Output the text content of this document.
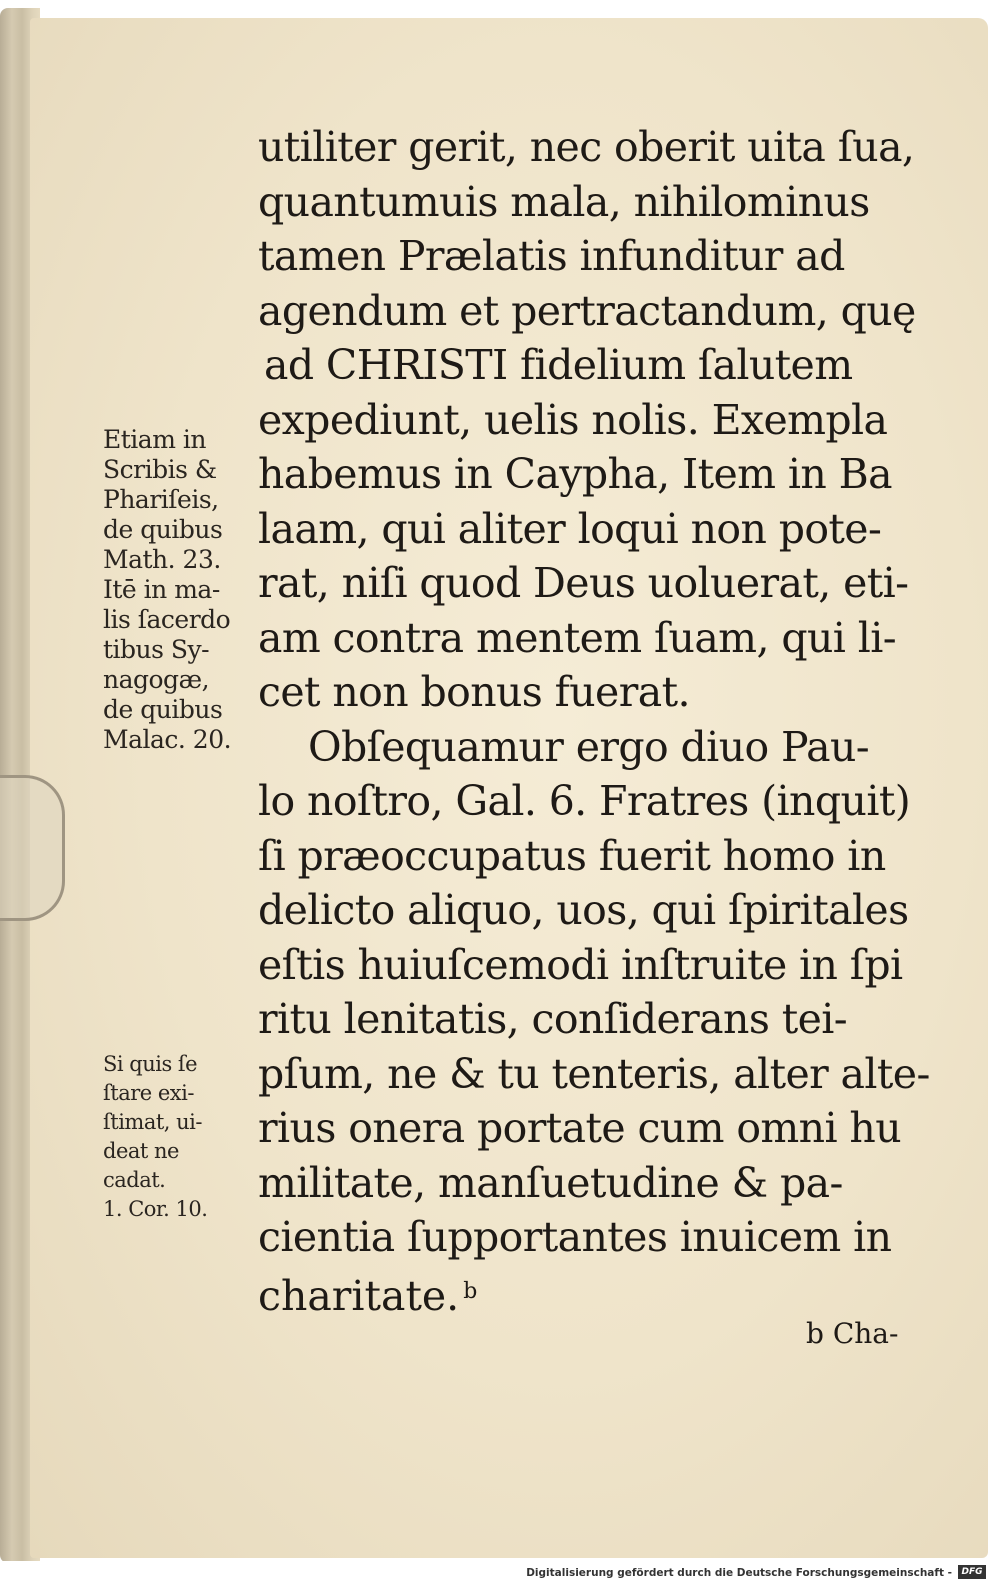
utiliter gerit, nec oberit uita ſua,
quantumuis mala, nihilominus
tamen Prælatis infunditur ad
agendum et pertractandum, quę
ad CHRISTI fidelium ſalutem
expediunt, uelis nolis. Exempla
habemus in Caypha, Item in Ba
laam, qui aliter loqui non pote-
rat, niſi quod Deus uoluerat, eti-
am contra mentem ſuam, qui li-
cet non bonus fuerat.
Obſequamur ergo diuo Pau-
lo noſtro, Gal. 6. Fratres (inquit)
ſi præoccupatus fuerit homo in
delicto aliquo, uos, qui ſpiritales
eſtis huiuſcemodi inſtruite in ſpi
ritu lenitatis, conſiderans tei-
pſum, ne & tu tenteris, alter alte-
rius onera portate cum omni hu
militate, manſuetudine & pa-
cientia ſupportantes inuicem in
charitate. $^b$
Etiam in
Scribis &
Phariſeis,
de quibus
Math. 23.
Itē in ma-
lis ſacerdo
tibus Sy-
nagogæ,
de quibus
Malac. 20.
Si quis ſe
ſtare exi-
ſtimat, ui-
deat ne
cadat.
1. Cor. 10.
b Cha-
Digitalisierung gefördert durch die Deutsche Forschungsgemeinschaft -	DFG
